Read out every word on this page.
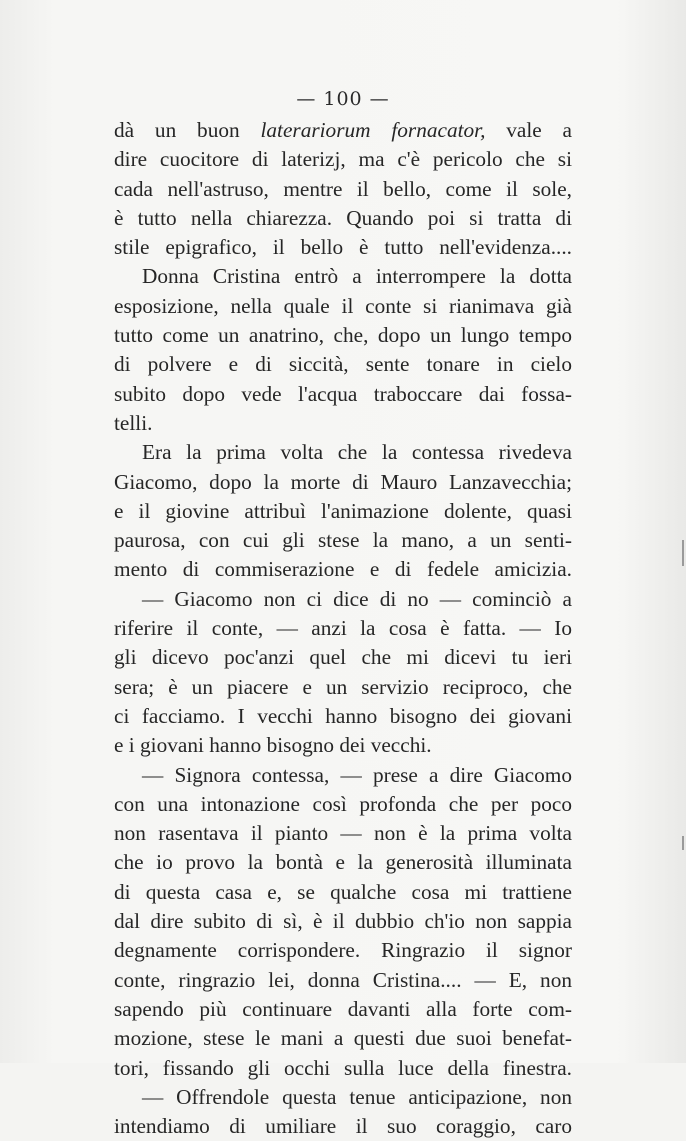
— 100 —
dà un buon laterariorum fornacator, vale a
dire cuocitore di laterizj, ma c'è pericolo che si
cada nell'astruso, mentre il bello, come il sole,
è tutto nella chiarezza. Quando poi si tratta di
stile epigrafico, il bello è tutto nell'evidenza....
Donna Cristina entrò a interrompere la dotta
esposizione, nella quale il conte si rianimava già
tutto come un anatrino, che, dopo un lungo tempo
di polvere e di siccità, sente tonare in cielo
subito dopo vede l'acqua traboccare dai fossa-
telli.
Era la prima volta che la contessa rivedeva
Giacomo, dopo la morte di Mauro Lanzavecchia;
e il giovine attribuì l'animazione dolente, quasi
paurosa, con cui gli stese la mano, a un senti-
mento di commiserazione e di fedele amicizia.
— Giacomo non ci dice di no — cominciò a
riferire il conte, — anzi la cosa è fatta. — Io
gli dicevo poc'anzi quel che mi dicevi tu ieri
sera; è un piacere e un servizio reciproco, che
ci facciamo. I vecchi hanno bisogno dei giovani
e i giovani hanno bisogno dei vecchi.
— Signora contessa, — prese a dire Giacomo
con una intonazione così profonda che per poco
non rasentava il pianto — non è la prima volta
che io provo la bontà e la generosità illuminata
di questa casa e, se qualche cosa mi trattiene
dal dire subito di sì, è il dubbio ch'io non sappia
degnamente corrispondere. Ringrazio il signor
conte, ringrazio lei, donna Cristina.... — E, non
sapendo più continuare davanti alla forte com-
mozione, stese le mani a questi due suoi benefat-
tori, fissando gli occhi sulla luce della finestra.
— Offrendole questa tenue anticipazione, non
intendiamo di umiliare il suo coraggio, caro
